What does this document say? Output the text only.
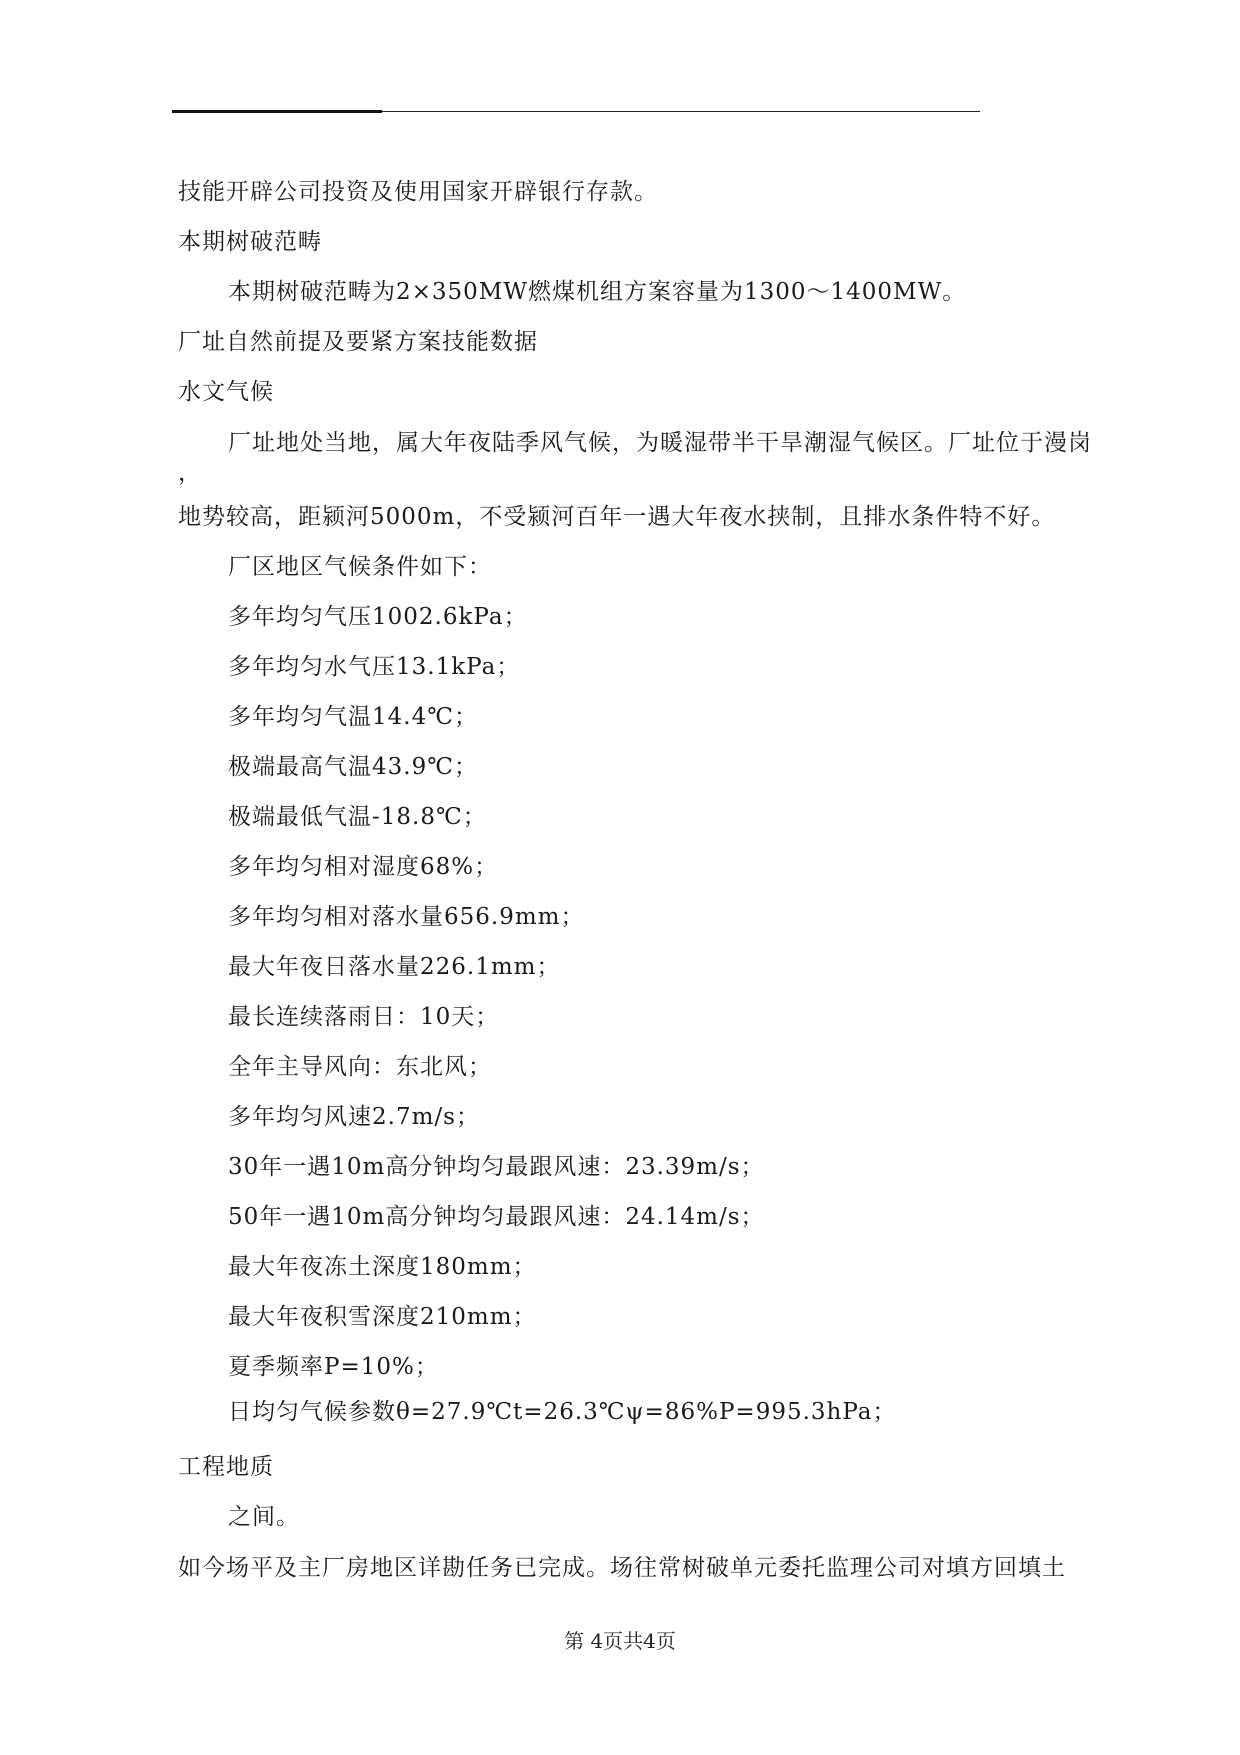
技能开辟公司投资及使用国家开辟银行存款。
本期树破范畴
本期树破范畴为2×350MW燃煤机组方案容量为1300～1400MW。
厂址自然前提及要紧方案技能数据
水文气候
厂址地处当地，属大年夜陆季风气候，为暖湿带半干旱潮湿气候区。厂址位于漫岗
，
地势较高，距颍河5000m，不受颍河百年一遇大年夜水挟制，且排水条件特不好。
厂区地区气候条件如下：
多年均匀气压1002.6kPa；
多年均匀水气压13.1kPa；
多年均匀气温14.4℃；
极端最高气温43.9℃；
极端最低气温-18.8℃；
多年均匀相对湿度68%；
多年均匀相对落水量656.9mm；
最大年夜日落水量226.1mm；
最长连续落雨日：10天；
全年主导风向：东北风；
多年均匀风速2.7m/s；
30年一遇10m高分钟均匀最跟风速：23.39m/s；
50年一遇10m高分钟均匀最跟风速：24.14m/s；
最大年夜冻土深度180mm；
最大年夜积雪深度210mm；
夏季频率P=10%；
日均匀气候参数θ=27.9℃t=26.3℃ψ=86%P=995.3hPa；
工程地质
之间。
如今场平及主厂房地区详勘任务已完成。场往常树破单元委托监理公司对填方回填土
第 4页共4页
